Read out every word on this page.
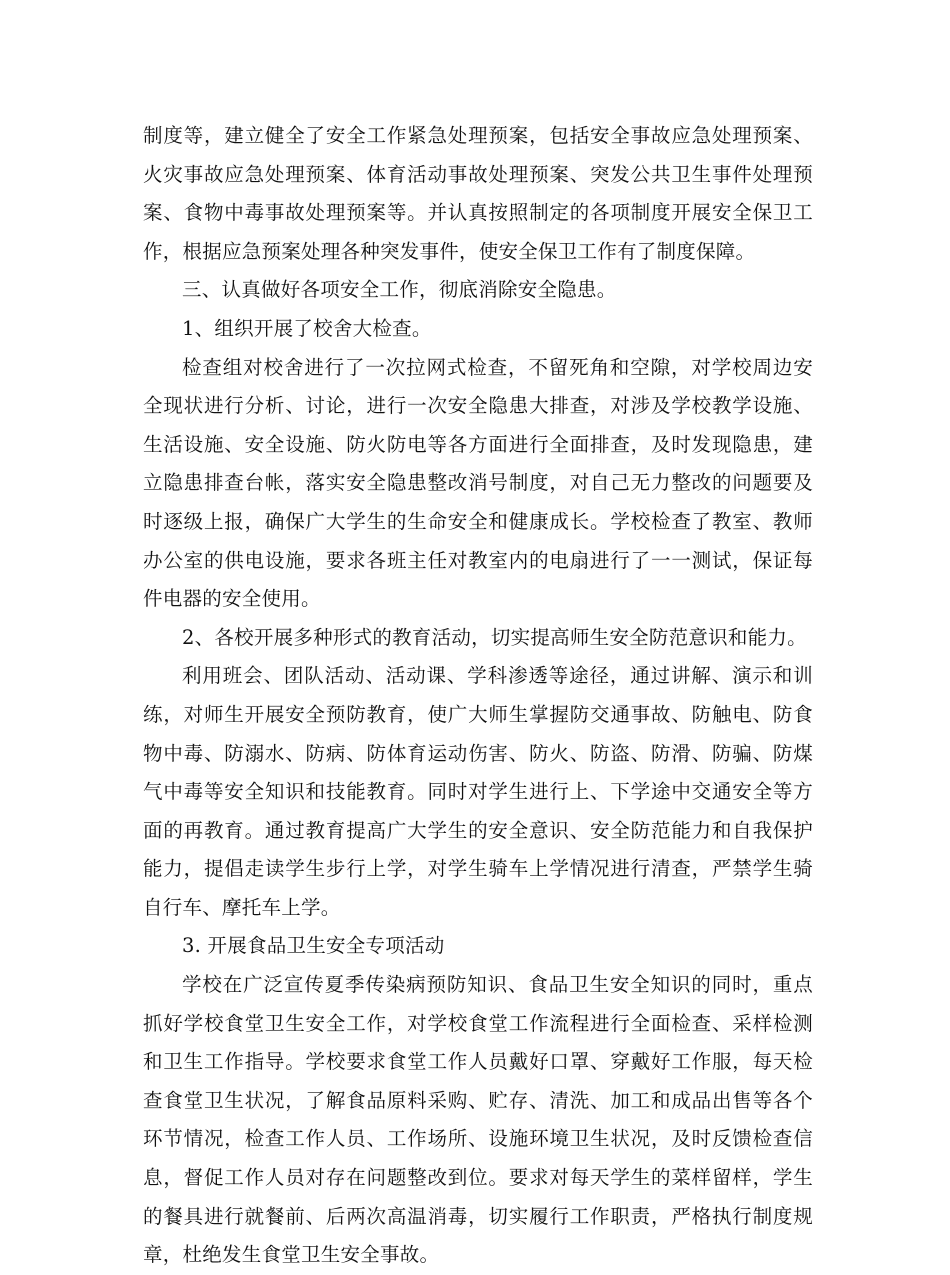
制度等，建立健全了安全工作紧急处理预案，包括安全事故应急处理预案、火灾事故应急处理预案、体育活动事故处理预案、突发公共卫生事件处理预案、食物中毒事故处理预案等。并认真按照制定的各项制度开展安全保卫工作，根据应急预案处理各种突发事件，使安全保卫工作有了制度保障。

三、认真做好各项安全工作，彻底消除安全隐患。

1、组织开展了校舍大检查。

检查组对校舍进行了一次拉网式检查，不留死角和空隙，对学校周边安全现状进行分析、讨论，进行一次安全隐患大排查，对涉及学校教学设施、生活设施、安全设施、防火防电等各方面进行全面排查，及时发现隐患，建立隐患排查台帐，落实安全隐患整改消号制度，对自己无力整改的问题要及时逐级上报，确保广大学生的生命安全和健康成长。学校检查了教室、教师办公室的供电设施，要求各班主任对教室内的电扇进行了一一测试，保证每件电器的安全使用。

2、各校开展多种形式的教育活动，切实提高师生安全防范意识和能力。

利用班会、团队活动、活动课、学科渗透等途径，通过讲解、演示和训练，对师生开展安全预防教育，使广大师生掌握防交通事故、防触电、防食物中毒、防溺水、防病、防体育运动伤害、防火、防盗、防滑、防骗、防煤气中毒等安全知识和技能教育。同时对学生进行上、下学途中交通安全等方面的再教育。通过教育提高广大学生的安全意识、安全防范能力和自我保护能力，提倡走读学生步行上学，对学生骑车上学情况进行清查，严禁学生骑自行车、摩托车上学。

3. 开展食品卫生安全专项活动

学校在广泛宣传夏季传染病预防知识、食品卫生安全知识的同时，重点抓好学校食堂卫生安全工作，对学校食堂工作流程进行全面检查、采样检测和卫生工作指导。学校要求食堂工作人员戴好口罩、穿戴好工作服，每天检查食堂卫生状况，了解食品原料采购、贮存、清洗、加工和成品出售等各个环节情况，检查工作人员、工作场所、设施环境卫生状况，及时反馈检查信息，督促工作人员对存在问题整改到位。要求对每天学生的菜样留样，学生的餐具进行就餐前、后两次高温消毒，切实履行工作职责，严格执行制度规章，杜绝发生食堂卫生安全事故。
